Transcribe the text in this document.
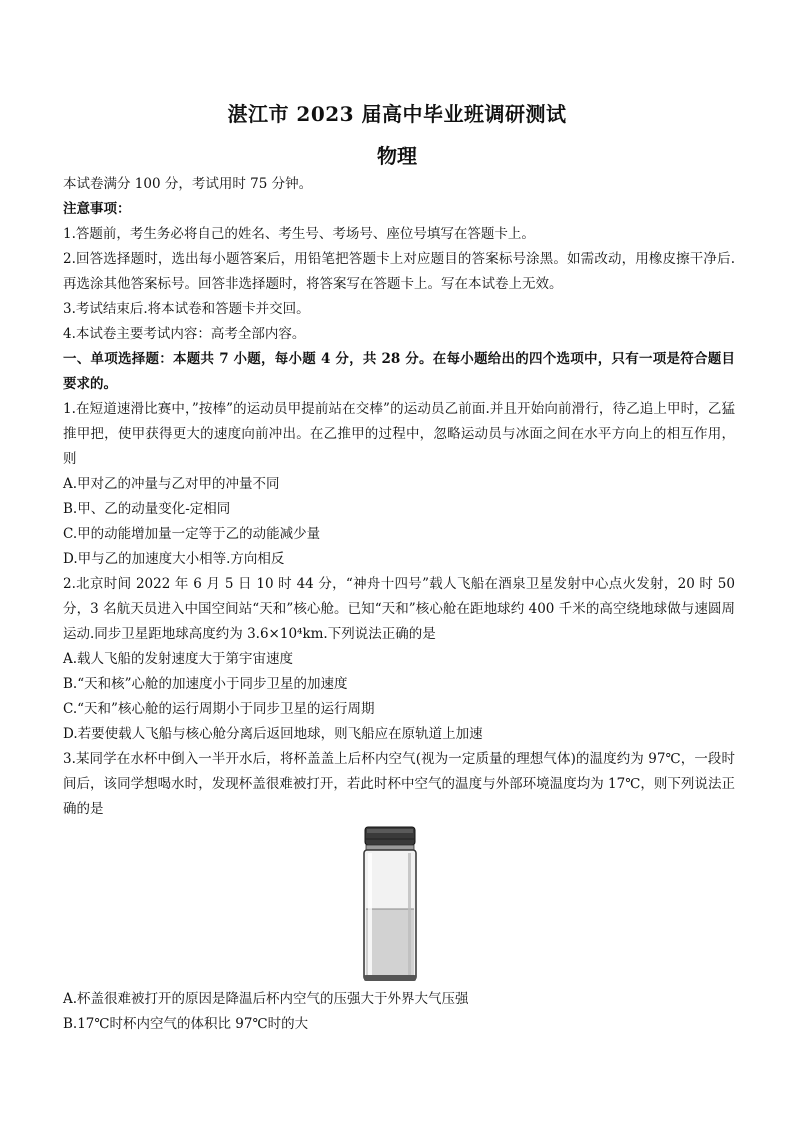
湛江市 2023 届高中毕业班调研测试
物理
本试卷满分 100 分，考试用时 75 分钟。
注意事项：
1.答题前，考生务必将自己的姓名、考生号、考场号、座位号填写在答题卡上。
2.回答选择题时，选出每小题答案后，用铅笔把答题卡上对应题目的答案标号涂黑。如需改动，用橡皮擦干净后.再选涂其他答案标号。回答非选择题时，将答案写在答题卡上。写在本试卷上无效。
3.考试结束后.将本试卷和答题卡并交回。
4.本试卷主要考试内容：高考全部内容。
一、单项选择题：本题共 7 小题，每小题 4 分，共 28 分。在每小题给出的四个选项中，只有一项是符合题目要求的。
1.在短道速滑比赛中，”按棒”的运动员甲提前站在交棒”的运动员乙前面.并且开始向前滑行，待乙追上甲时，乙猛推甲把，使甲获得更大的速度向前冲出。在乙推甲的过程中，忽略运动员与冰面之间在水平方向上的相互作用，则
A.甲对乙的冲量与乙对甲的冲量不同
B.甲、乙的动量变化-定相同
C.甲的动能增加量一定等于乙的动能减少量
D.甲与乙的加速度大小相等.方向相反
2.北京时间 2022 年 6 月 5 日 10 时 44 分，“神舟十四号”载人飞船在酒泉卫星发射中心点火发射，20 时 50 分，3 名航天员进入中国空间站“天和”核心舱。已知“天和”核心舱在距地球约 400 千米的高空绕地球做与速圆周运动.同步卫星距地球高度约为 3.6×10⁴km.下列说法正确的是
A.载人飞船的发射速度大于第宇宙速度
B.“天和核”心舱的加速度小于同步卫星的加速度
C.“天和”核心舱的运行周期小于同步卫星的运行周期
D.若要使载人飞船与核心舱分离后返回地球，则飞船应在原轨道上加速
3.某同学在水杯中倒入一半开水后，将杯盖盖上后杯内空气(视为一定质量的理想气体)的温度约为 97℃，一段时间后，该同学想喝水时，发现杯盖很难被打开，若此时杯中空气的温度与外部环境温度均为 17℃，则下列说法正确的是
A.杯盖很难被打开的原因是降温后杯内空气的压强大于外界大气压强
B.17℃时杯内空气的体积比 97℃时的大
